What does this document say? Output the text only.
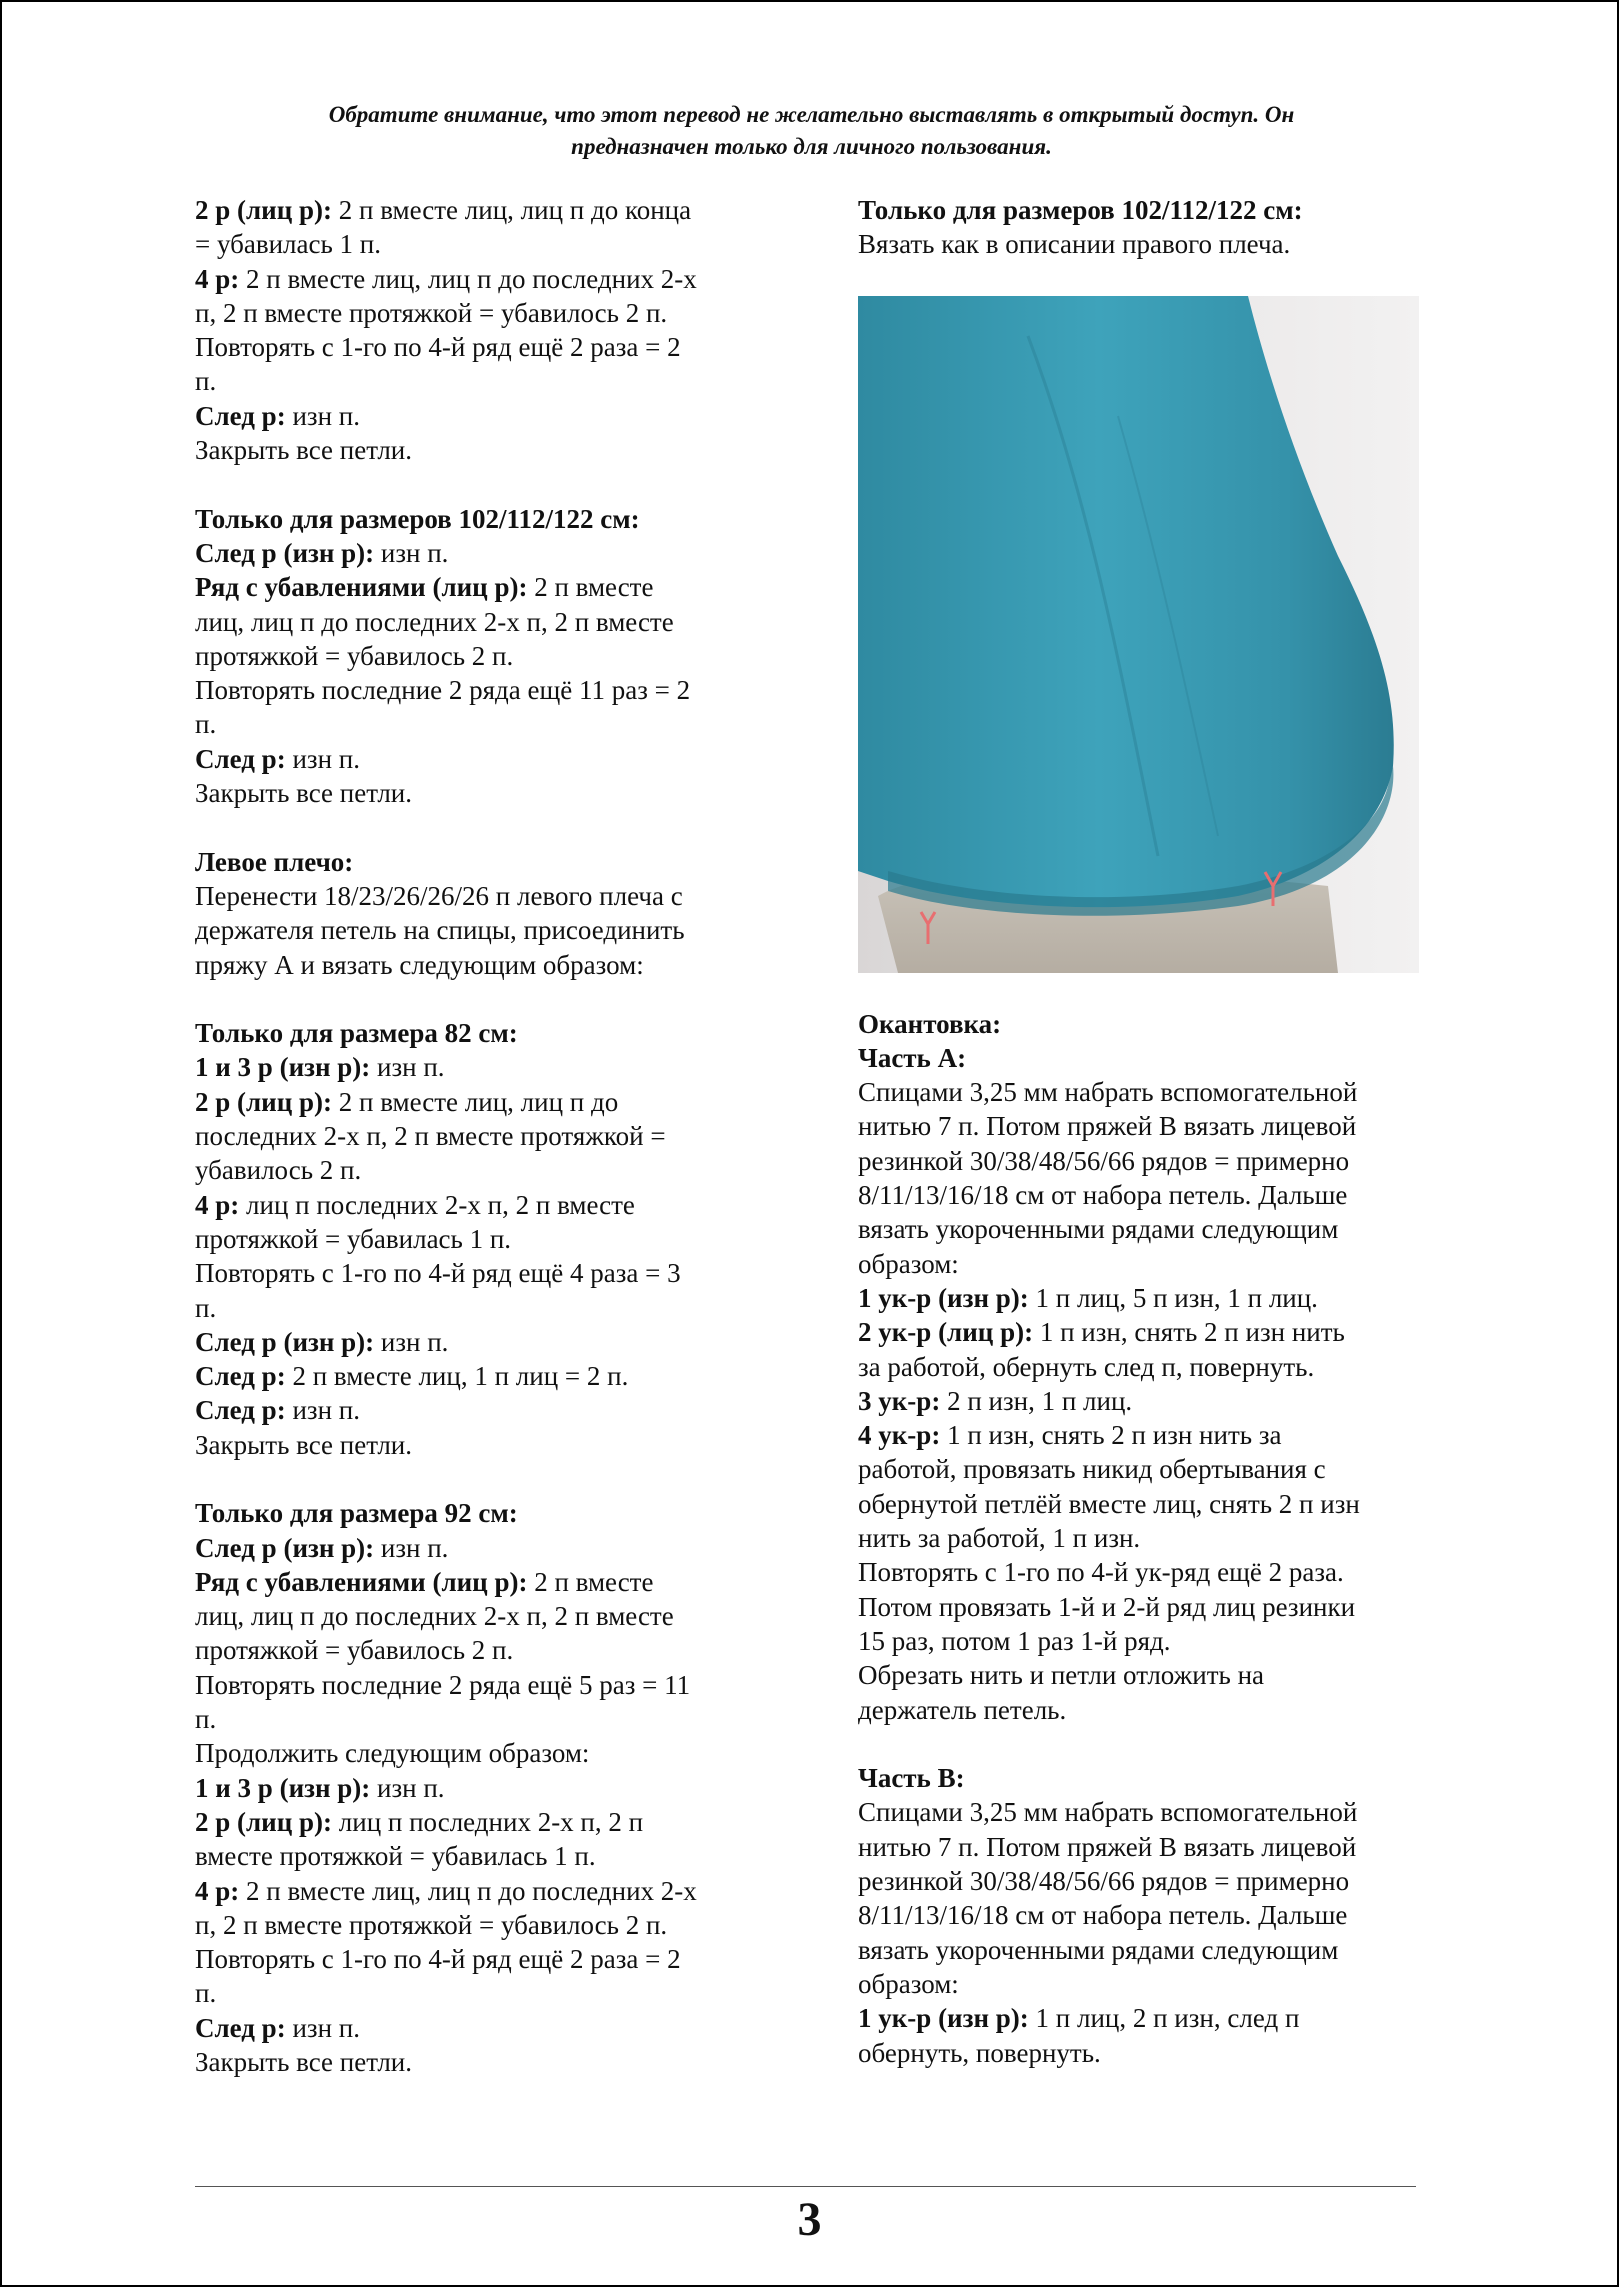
Обратите внимание, что этот перевод не желательно выставлять в открытый доступ. Он
предназначен только для личного пользования.
2 р (лиц р): 2 п вместе лиц, лиц п до конца
= убавилась 1 п.
4 р: 2 п вместе лиц, лиц п до последних 2-х
п, 2 п вместе протяжкой = убавилось 2 п.
Повторять с 1-го по 4-й ряд ещё 2 раза = 2
п.
След р: изн п.
Закрыть все петли.
Только для размеров 102/112/122 см:
След р (изн р): изн п.
Ряд с убавлениями (лиц р): 2 п вместе
лиц, лиц п до последних 2-х п, 2 п вместе
протяжкой = убавилось 2 п.
Повторять последние 2 ряда ещё 11 раз = 2
п.
След р: изн п.
Закрыть все петли.
Левое плечо:
Перенести 18/23/26/26/26 п левого плеча с
держателя петель на спицы, присоединить
пряжу А и вязать следующим образом:
Только для размера 82 см:
1 и 3 р (изн р): изн п.
2 р (лиц р): 2 п вместе лиц, лиц п до
последних 2-х п, 2 п вместе протяжкой =
убавилось 2 п.
4 р: лиц п последних 2-х п, 2 п вместе
протяжкой = убавилась 1 п.
Повторять с 1-го по 4-й ряд ещё 4 раза = 3
п.
След р (изн р): изн п.
След р: 2 п вместе лиц, 1 п лиц = 2 п.
След р: изн п.
Закрыть все петли.
Только для размера 92 см:
След р (изн р): изн п.
Ряд с убавлениями (лиц р): 2 п вместе
лиц, лиц п до последних 2-х п, 2 п вместе
протяжкой = убавилось 2 п.
Повторять последние 2 ряда ещё 5 раз = 11
п.
Продолжить следующим образом:
1 и 3 р (изн р): изн п.
2 р (лиц р): лиц п последних 2-х п, 2 п
вместе протяжкой = убавилась 1 п.
4 р: 2 п вместе лиц, лиц п до последних 2-х
п, 2 п вместе протяжкой = убавилось 2 п.
Повторять с 1-го по 4-й ряд ещё 2 раза = 2
п.
След р: изн п.
Закрыть все петли.
Только для размеров 102/112/122 см:
Вязать как в описании правого плеча.
Окантовка:
Часть А:
Спицами 3,25 мм набрать вспомогательной
нитью 7 п. Потом пряжей В вязать лицевой
резинкой 30/38/48/56/66 рядов = примерно
8/11/13/16/18 см от набора петель. Дальше
вязать укороченными рядами следующим
образом:
1 ук-р (изн р): 1 п лиц, 5 п изн, 1 п лиц.
2 ук-р (лиц р): 1 п изн, снять 2 п изн нить
за работой, обернуть след п, повернуть.
3 ук-р: 2 п изн, 1 п лиц.
4 ук-р: 1 п изн, снять 2 п изн нить за
работой, провязать никид обертывания с
обернутой петлёй вместе лиц, снять 2 п изн
нить за работой, 1 п изн.
Повторять с 1-го по 4-й ук-ряд ещё 2 раза.
Потом провязать 1-й и 2-й ряд лиц резинки
15 раз, потом 1 раз 1-й ряд.
Обрезать нить и петли отложить на
держатель петель.
Часть В:
Спицами 3,25 мм набрать вспомогательной
нитью 7 п. Потом пряжей В вязать лицевой
резинкой 30/38/48/56/66 рядов = примерно
8/11/13/16/18 см от набора петель. Дальше
вязать укороченными рядами следующим
образом:
1 ук-р (изн р): 1 п лиц, 2 п изн, след п
обернуть, повернуть.
3
